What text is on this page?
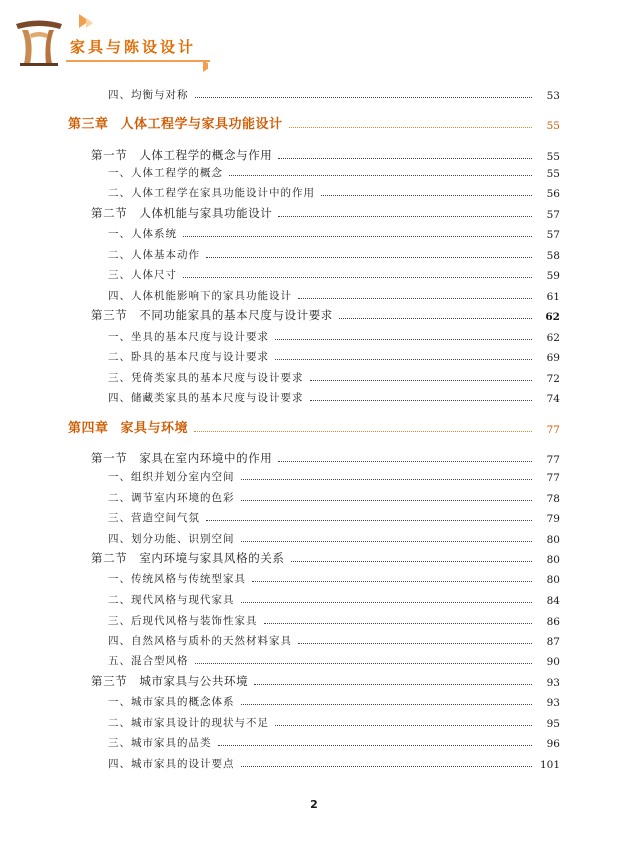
家具与陈设设计
四、均衡与对称	53
第三章 人体工程学与家具功能设计	55
第一节 人体工程学的概念与作用	55
一、人体工程学的概念	55
二、人体工程学在家具功能设计中的作用	56
第二节 人体机能与家具功能设计	57
一、人体系统	57
二、人体基本动作	58
三、人体尺寸	59
四、人体机能影响下的家具功能设计	61
第三节 不同功能家具的基本尺度与设计要求	62
一、坐具的基本尺度与设计要求	62
二、卧具的基本尺度与设计要求	69
三、凭倚类家具的基本尺度与设计要求	72
四、储藏类家具的基本尺度与设计要求	74
第四章 家具与环境	77
第一节 家具在室内环境中的作用	77
一、组织并划分室内空间	77
二、调节室内环境的色彩	78
三、营造空间气氛	79
四、划分功能、识别空间	80
第二节 室内环境与家具风格的关系	80
一、传统风格与传统型家具	80
二、现代风格与现代家具	84
三、后现代风格与装饰性家具	86
四、自然风格与质朴的天然材料家具	87
五、混合型风格	90
第三节 城市家具与公共环境	93
一、城市家具的概念体系	93
二、城市家具设计的现状与不足	95
三、城市家具的品类	96
四、城市家具的设计要点	101
2
